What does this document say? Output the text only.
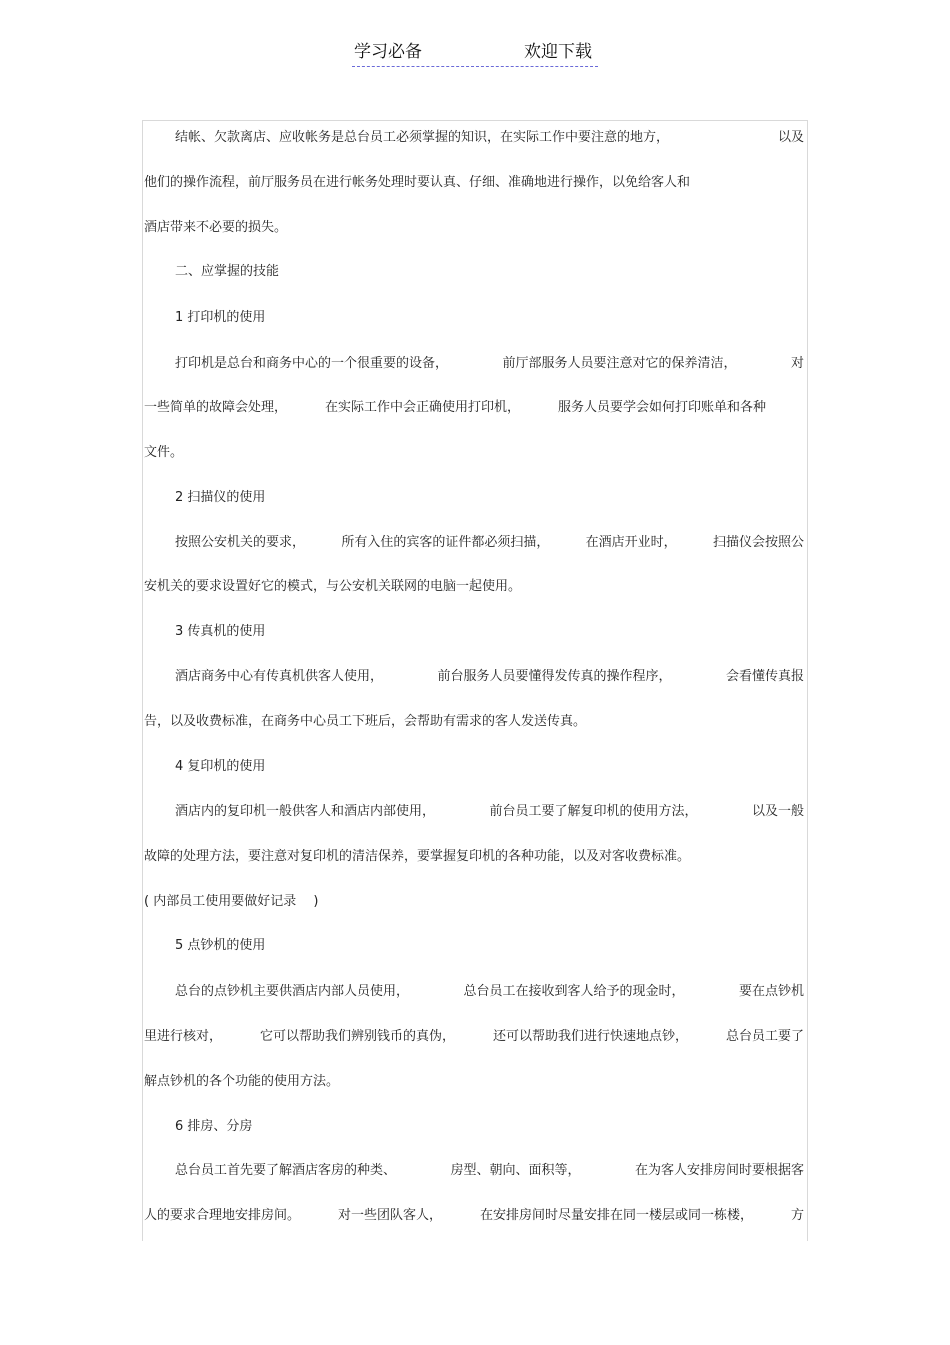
学习必备	欢迎下载
结帐、欠款离店、应收帐务是总台员工必须掌握的知识，在实际工作中要注意的地方，	以及
他们的操作流程，前厅服务员在进行帐务处理时要认真、仔细、准确地进行操作，以免给客人和
酒店带来不必要的损失。
二、应掌握的技能
1 打印机的使用
打印机是总台和商务中心的一个很重要的设备，	前厅部服务人员要注意对它的保养清洁，	对
一些简单的故障会处理，	在实际工作中会正确使用打印机，	服务人员要学会如何打印账单和各种
文件。
2 扫描仪的使用
按照公安机关的要求，	所有入住的宾客的证件都必须扫描，	在酒店开业时，	扫描仪会按照公
安机关的要求设置好它的模式，与公安机关联网的电脑一起使用。
3 传真机的使用
酒店商务中心有传真机供客人使用，	前台服务人员要懂得发传真的操作程序，	会看懂传真报
告，以及收费标准，在商务中心员工下班后，会帮助有需求的客人发送传真。
4 复印机的使用
酒店内的复印机一般供客人和酒店内部使用，	前台员工要了解复印机的使用方法，	以及一般
故障的处理方法，要注意对复印机的清洁保养，要掌握复印机的各种功能，以及对客收费标准。
( 内部员工使用要做好记录　 )
5 点钞机的使用
总台的点钞机主要供酒店内部人员使用，	总台员工在接收到客人给予的现金时，	要在点钞机
里进行核对，	它可以帮助我们辨别钱币的真伪，	还可以帮助我们进行快速地点钞，	总台员工要了
解点钞机的各个功能的使用方法。
6 排房、分房
总台员工首先要了解酒店客房的种类、	房型、朝向、面积等，	在为客人安排房间时要根据客
人的要求合理地安排房间。	对一些团队客人，	在安排房间时尽量安排在同一楼层或同一栋楼，	方
